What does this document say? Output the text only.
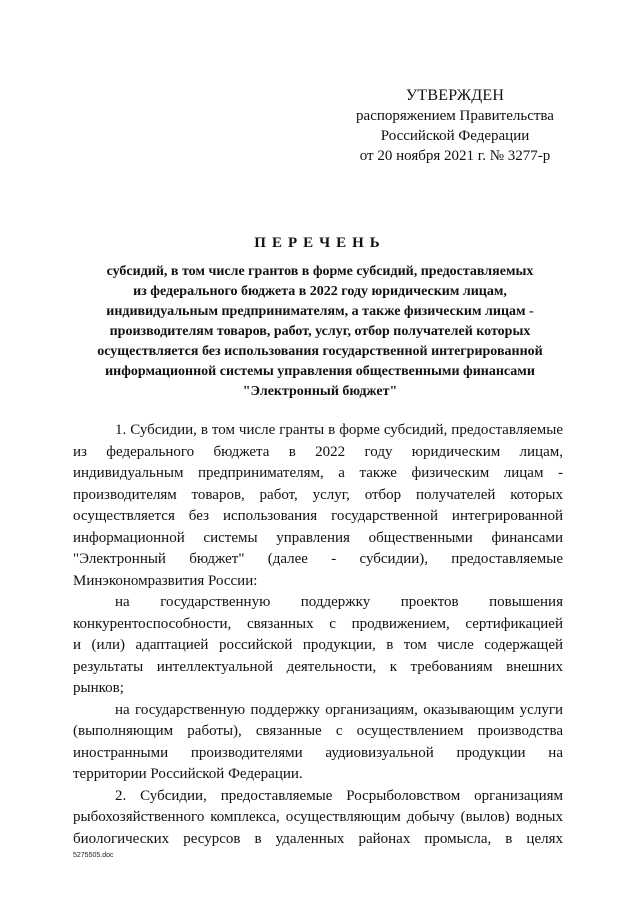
УТВЕРЖДЕН
распоряжением Правительства
Российской Федерации
от 20 ноября 2021 г. № 3277-р
ПЕРЕЧЕНЬ
субсидий, в том числе грантов в форме субсидий, предоставляемых
из федерального бюджета в 2022 году юридическим лицам,
индивидуальным предпринимателям, а также физическим лицам -
производителям товаров, работ, услуг, отбор получателей которых
осуществляется без использования государственной интегрированной
информационной системы управления общественными финансами
"Электронный бюджет"
1. Субсидии, в том числе гранты в форме субсидий, предоставляемые
из федерального бюджета в 2022 году юридическим лицам,
индивидуальным предпринимателям, а также физическим лицам -
производителям товаров, работ, услуг, отбор получателей которых
осуществляется без использования государственной интегрированной
информационной системы управления общественными финансами
"Электронный бюджет" (далее - субсидии), предоставляемые
Минэкономразвития России:
на государственную поддержку проектов повышения
конкурентоспособности, связанных с продвижением, сертификацией
и (или) адаптацией российской продукции, в том числе содержащей
результаты интеллектуальной деятельности, к требованиям внешних
рынков;
на государственную поддержку организациям, оказывающим услуги
(выполняющим работы), связанные с осуществлением производства
иностранными производителями аудиовизуальной продукции на
территории Российской Федерации.
2. Субсидии, предоставляемые Росрыболовством организациям
рыбохозяйственного комплекса, осуществляющим добычу (вылов) водных
биологических ресурсов в удаленных районах промысла, в целях
5275505.doc
